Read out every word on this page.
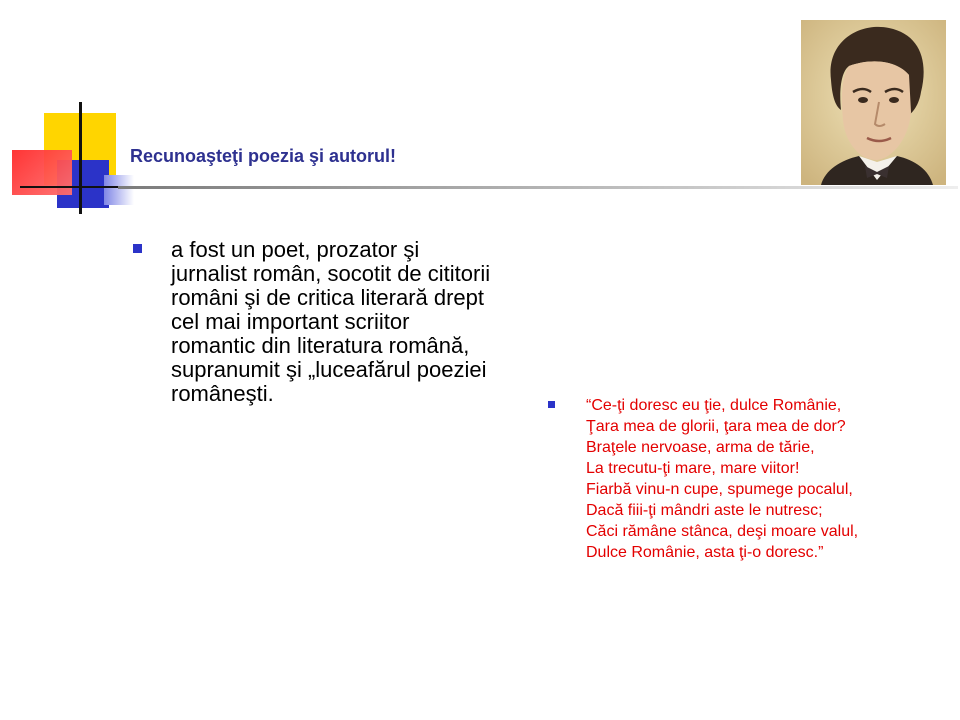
Recunoaşteţi poezia şi autorul!
a fost un poet, prozator şi jurnalist român, socotit de cititorii români şi de critica literară drept cel mai important scriitor romantic din literatura română, supranumit şi „luceafărul poeziei româneşti.	“Ce-ţi doresc eu ţie, dulce Românie,
Ţara mea de glorii, ţara mea de dor?
Braţele nervoase, arma de tărie,
La trecutu-ţi mare, mare viitor!
Fiarbă vinu-n cupe, spumege pocalul,
Dacă fiii-ţi mândri aste le nutresc;
Căci rămâne stânca, deşi moare valul,
Dulce Românie, asta ţi-o doresc.”
